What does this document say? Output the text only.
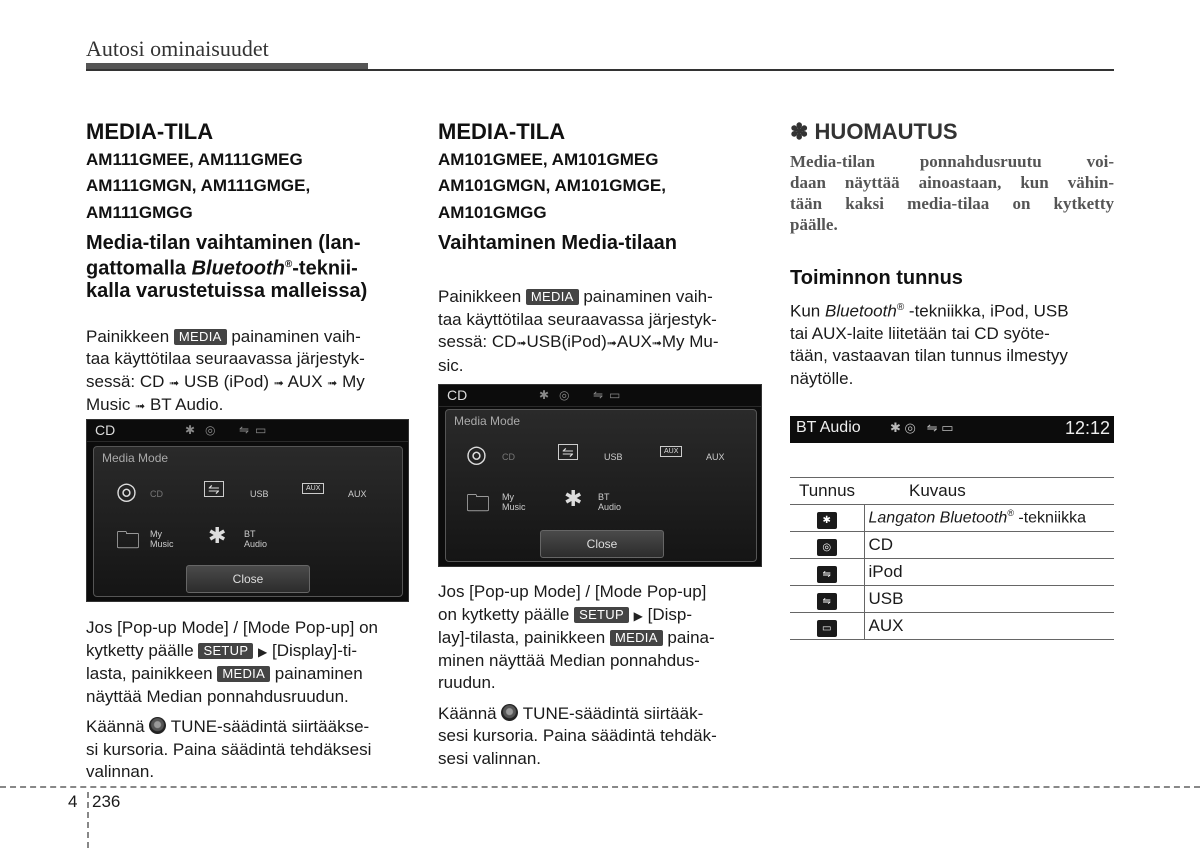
Autosi ominaisuudet
MEDIA-TILA
AM111GMEE, AM111GMEG
AM111GMGN, AM111GMGE,
AM111GMGG
Media-tilan vaihtaminen (lan-
gattomalla Bluetooth®-teknii-
kalla varustetuissa malleissa)
Painikkeen MEDIA painaminen vaih-
taa käyttötilaa seuraavassa järjestyk-
sessä: CD ➟ USB (iPod) ➟ AUX ➟ My
Music ➟ BT Audio.
CD	✱ ◎ ⇋ ▭
Media Mode
◎ CD	⇋	USB
AUX
AUX
🗀 My
Music ✱ BT
Audio
Close
Jos [Pop-up Mode] / [Mode Pop-up] on
kytketty päälle SETUP ▶ [Display]-ti-
lasta, painikkeen MEDIA painaminen
näyttää Median ponnahdusruudun.
Käännä TUNE-säädintä siirtääkse-
si kursoria. Paina säädintä tehdäksesi
valinnan.
MEDIA-TILA
AM101GMEE, AM101GMEG
AM101GMGN, AM101GMGE,
AM101GMGG
Vaihtaminen Media-tilaan
Painikkeen MEDIA painaminen vaih-
taa käyttötilaa seuraavassa järjestyk-
sessä: CD➟USB(iPod)➟AUX➟My Mu-
sic.
CD	✱ ◎ ⇋ ▭
Media Mode
◎ CD	⇋	USB
AUX
AUX
🗀 My
Music ✱ BT
Audio
Close
Jos [Pop-up Mode] / [Mode Pop-up]
on kytketty päälle SETUP ▶ [Disp-
lay]-tilasta, painikkeen MEDIA paina-
minen näyttää Median ponnahdus-
ruudun.
Käännä TUNE-säädintä siirtääk-
sesi kursoria. Paina säädintä tehdäk-
sesi valinnan.
✽ HUOMAUTUS
Media-tilan ponnahdusruutu voi-
daan näyttää ainoastaan, kun vähin-
tään kaksi media-tilaa on kytketty
päälle.
Toiminnon tunnus
Kun Bluetooth® -tekniikka, iPod, USB
tai AUX-laite liitetään tai CD syöte-
tään, vastaavan tilan tunnus ilmestyy
näytölle.
BT Audio ✱ ◎   ⇋ ▭	12:12
Tunnus	Kuvaus
✱	Langaton Bluetooth® -tekniikka
◎	CD
⇋	iPod
⇋	USB
▭	AUX
4 236
